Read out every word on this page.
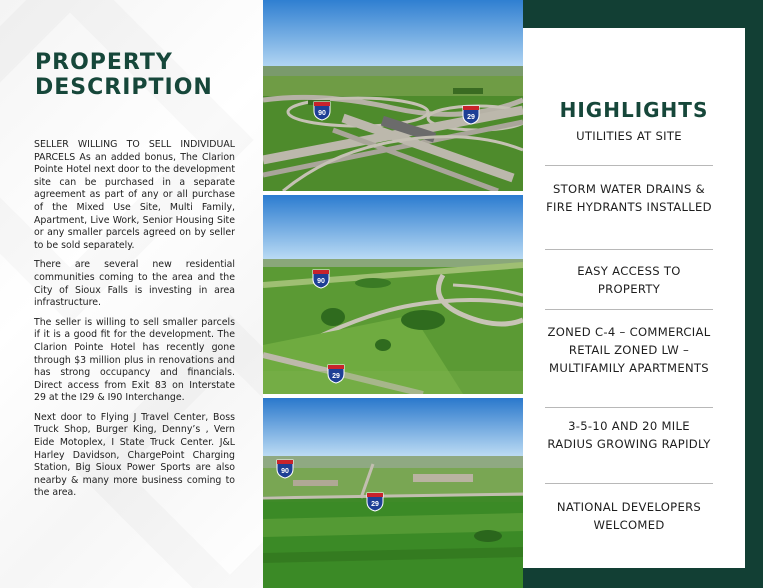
PROPERTY
DESCRIPTION

SELLER WILLING TO SELL INDIVIDUAL PARCELS As an added bonus, The Clarion Pointe Hotel next door to the development site can be purchased in a separate agreement as part of any or all purchase of the Mixed Use Site, Multi Family, Apartment, Live Work, Senior Housing Site or any smaller parcels agreed on by seller to be sold separately.

There are several new residential communities coming to the area and the City of Sioux Falls is investing in area infrastructure.

The seller is willing to sell smaller parcels if it is a good fit for the development. The Clarion Pointe Hotel has recently gone through $3 million plus in renovations and has strong occupancy and financials. Direct access from Exit 83 on Interstate 29 at the I29 & I90 Interchange.

Next door to Flying J Travel Center, Boss Truck Shop, Burger King, Denny’s , Vern Eide Motoplex, I State Truck Center. J&L Harley Davidson, ChargePoint Charging Station, Big Sioux Power Sports are also nearby & many more business coming to the area.

90
29
90
29
90
29
HIGHLIGHTS
UTILITIES AT SITE
STORM WATER DRAINS & FIRE HYDRANTS INSTALLED
EASY ACCESS TO PROPERTY
ZONED C-4 – COMMERCIAL RETAIL ZONED LW – MULTIFAMILY APARTMENTS
3-5-10 AND 20 MILE RADIUS GROWING RAPIDLY
NATIONAL DEVELOPERS WELCOMED
